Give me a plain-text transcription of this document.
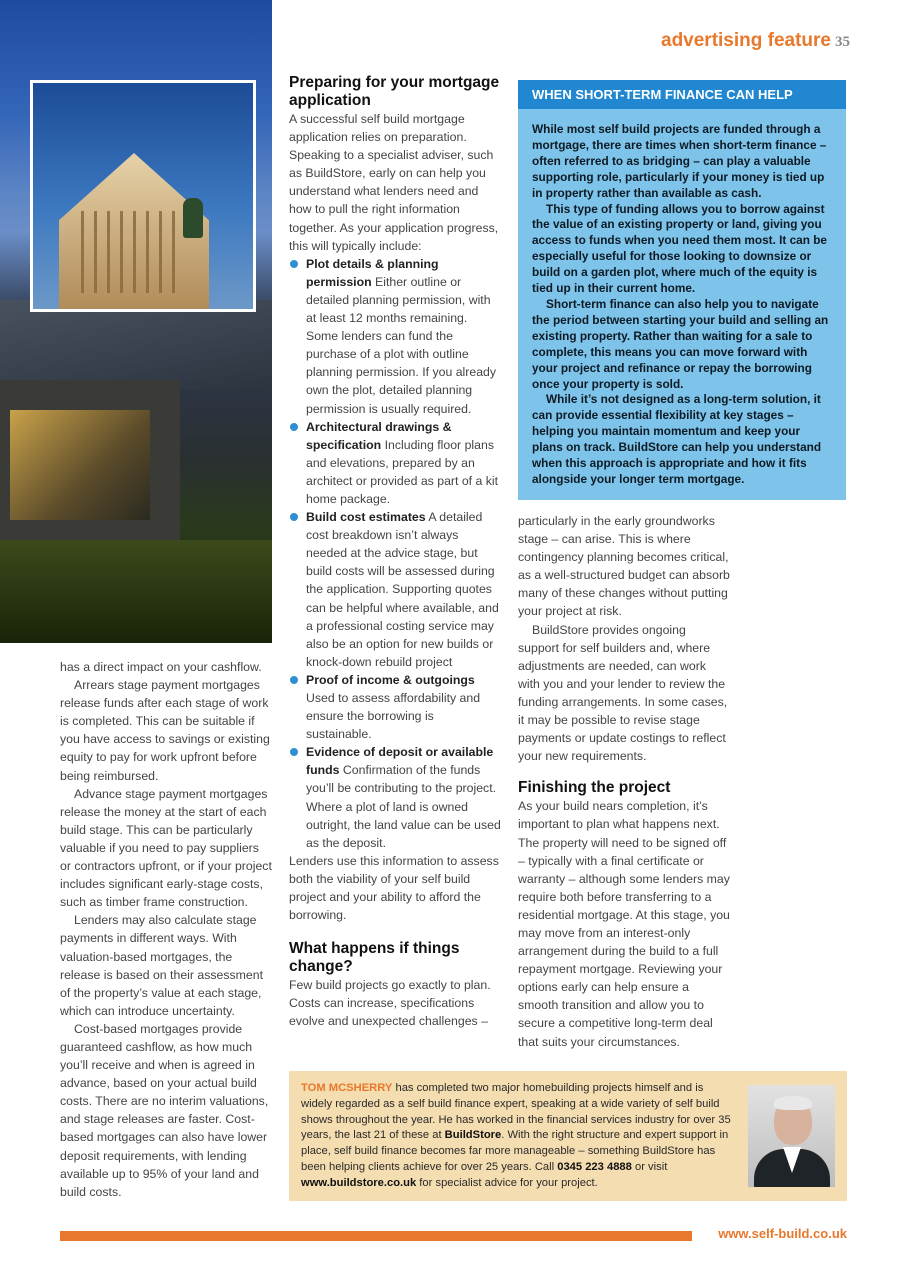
advertising feature 35

has a direct impact on your cashflow.

Arrears stage payment mortgages release funds after each stage of work is completed. This can be suitable if you have access to savings or existing equity to pay for work upfront before being reimbursed.

Advance stage payment mortgages release the money at the start of each build stage. This can be particularly valuable if you need to pay suppliers or contractors upfront, or if your project includes significant early-stage costs, such as timber frame construction.

Lenders may also calculate stage payments in different ways. With valuation-based mortgages, the release is based on their assessment of the property’s value at each stage, which can introduce uncertainty.

Cost-based mortgages provide guaranteed cashflow, as how much you’ll receive and when is agreed in advance, based on your actual build costs. There are no interim valuations, and stage releases are faster. Cost-based mortgages can also have lower deposit requirements, with lending available up to 95% of your land and build costs.

Preparing for your mortgage application

A successful self build mortgage application relies on preparation. Speaking to a specialist adviser, such as BuildStore, early on can help you understand what lenders need and how to pull the right information together. As your application progress, this will typically include:

Plot details & planning permission Either outline or detailed planning permission, with at least 12 months remaining. Some lenders can fund the purchase of a plot with outline planning permission. If you already own the plot, detailed planning permission is usually required.
Architectural drawings & specification Including floor plans and elevations, prepared by an architect or provided as part of a kit home package.
Build cost estimates A detailed cost breakdown isn’t always needed at the advice stage, but build costs will be assessed during the application. Supporting quotes can be helpful where available, and a professional costing service may also be an option for new builds or knock-down rebuild project
Proof of income & outgoings Used to assess affordability and ensure the borrowing is sustainable.
Evidence of deposit or available funds Confirmation of the funds you’ll be contributing to the project. Where a plot of land is owned outright, the land value can be used as the deposit.

Lenders use this information to assess both the viability of your self build project and your ability to afford the borrowing.

What happens if things change?

Few build projects go exactly to plan. Costs can increase, specifications evolve and unexpected challenges –

WHEN SHORT-TERM FINANCE CAN HELP

While most self build projects are funded through a mortgage, there are times when short-term finance – often referred to as bridging – can play a valuable supporting role, particularly if your money is tied up in property rather than available as cash.

This type of funding allows you to borrow against the value of an existing property or land, giving you access to funds when you need them most. It can be especially useful for those looking to downsize or build on a garden plot, where much of the equity is tied up in their current home.

Short-term finance can also help you to navigate the period between starting your build and selling an existing property. Rather than waiting for a sale to complete, this means you can move forward with your project and refinance or repay the borrowing once your property is sold.

While it’s not designed as a long-term solution, it can provide essential flexibility at key stages – helping you maintain momentum and keep your plans on track. BuildStore can help you understand when this approach is appropriate and how it fits alongside your longer term mortgage.

particularly in the early groundworks stage – can arise. This is where contingency planning becomes critical, as a well-structured budget can absorb many of these changes without putting your project at risk.

BuildStore provides ongoing support for self builders and, where adjustments are needed, can work with you and your lender to review the funding arrangements. In some cases, it may be possible to revise stage payments or update costings to reflect your new requirements.

Finishing the project

As your build nears completion, it’s important to plan what happens next. The property will need to be signed off – typically with a final certificate or warranty – although some lenders may require both before transferring to a residential mortgage. At this stage, you may move from an interest-only arrangement during the build to a full repayment mortgage. Reviewing your options early can help ensure a smooth transition and allow you to secure a competitive long-term deal that suits your circumstances.

TOM MCSHERRY has completed two major homebuilding projects himself and is widely regarded as a self build finance expert, speaking at a wide variety of self build shows throughout the year. He has worked in the financial services industry for over 35 years, the last 21 of these at BuildStore. With the right structure and expert support in place, self build finance becomes far more manageable – something BuildStore has been helping clients achieve for over 25 years. Call 0345 223 4888 or visit www.buildstore.co.uk for specialist advice for your project.
www.self-build.co.uk
